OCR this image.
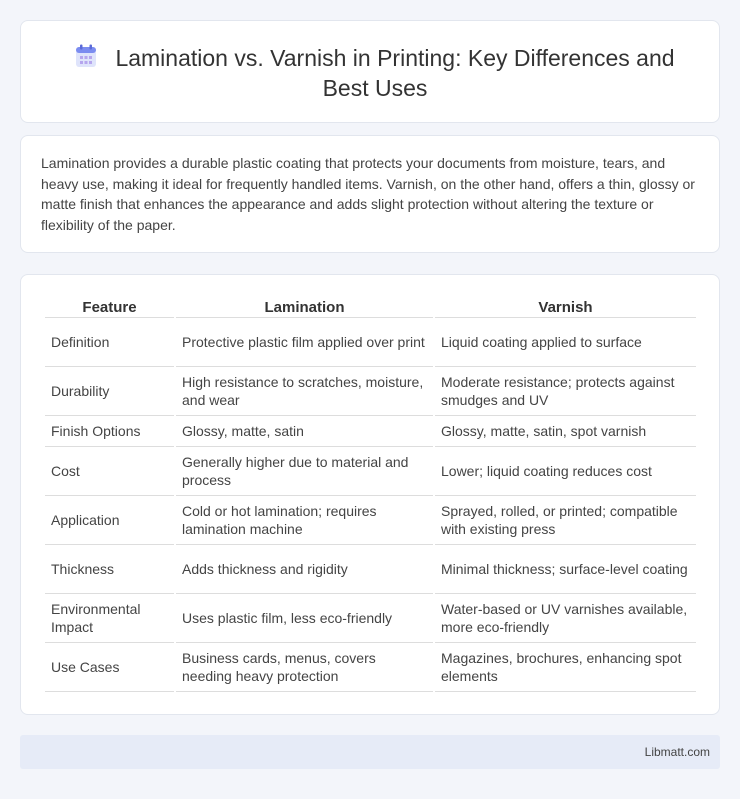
Lamination vs. Varnish in Printing: Key Differences and Best Uses

Lamination provides a durable plastic coating that protects your documents from moisture, tears, and heavy use, making it ideal for frequently handled items. Varnish, on the other hand, offers a thin, glossy or matte finish that enhances the appearance and adds slight protection without altering the texture or flexibility of the paper.

Feature	Lamination	Varnish
Definition	Protective plastic film applied over print	Liquid coating applied to surface
Durability	High resistance to scratches, moisture, and wear	Moderate resistance; protects against smudges and UV
Finish Options	Glossy, matte, satin	Glossy, matte, satin, spot varnish
Cost	Generally higher due to material and process	Lower; liquid coating reduces cost
Application	Cold or hot lamination; requires lamination machine	Sprayed, rolled, or printed; compatible with existing press
Thickness	Adds thickness and rigidity	Minimal thickness; surface-level coating
Environmental Impact	Uses plastic film, less eco-friendly	Water-based or UV varnishes available, more eco-friendly
Use Cases	Business cards, menus, covers needing heavy protection	Magazines, brochures, enhancing spot elements
Libmatt.com
